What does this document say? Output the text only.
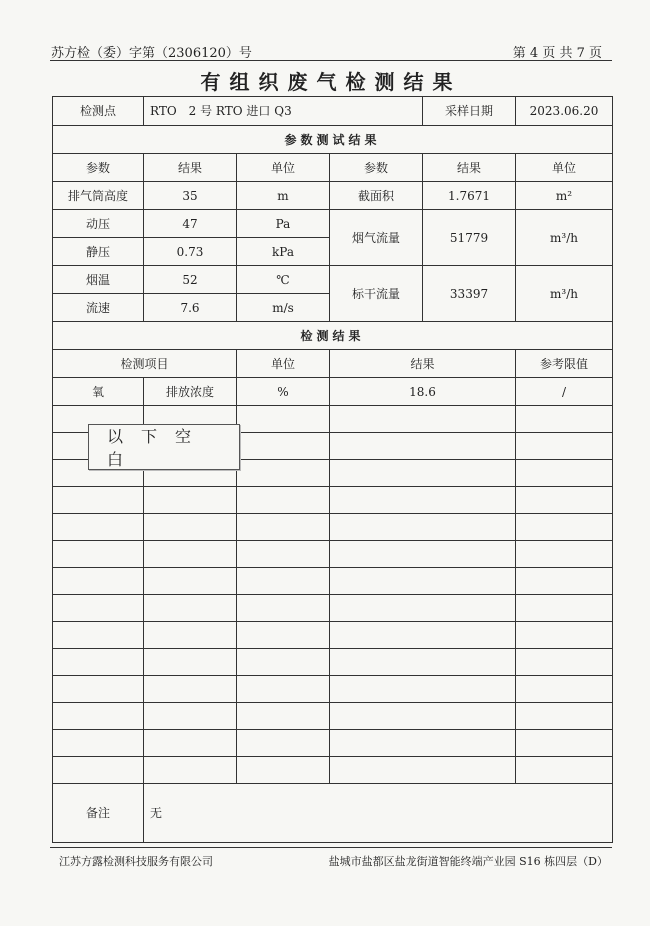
苏方检（委）字第（2306120）号	第 4 页 共 7 页
有组织废气检测结果
检测点	RTO　2 号 RTO 进口 Q3			采样日期	2023.06.20
参数测试结果					
参数	结果	单位	参数	结果	单位
排气筒高度	35	m	截面积	1.7671	m²
动压	47	Pa	烟气流量	51779	m³/h
静压	0.73	kPa			
烟温	52	℃	标干流量	33397	m³/h
流速	7.6	m/s			
检测结果					
检测项目		单位	结果		参考限值
氧	排放浓度	%	18.6		/

备注	无				
以下空白
江苏方露检测科技服务有限公司	盐城市盐都区盐龙街道智能终端产业园 S16 栋四层（D）
